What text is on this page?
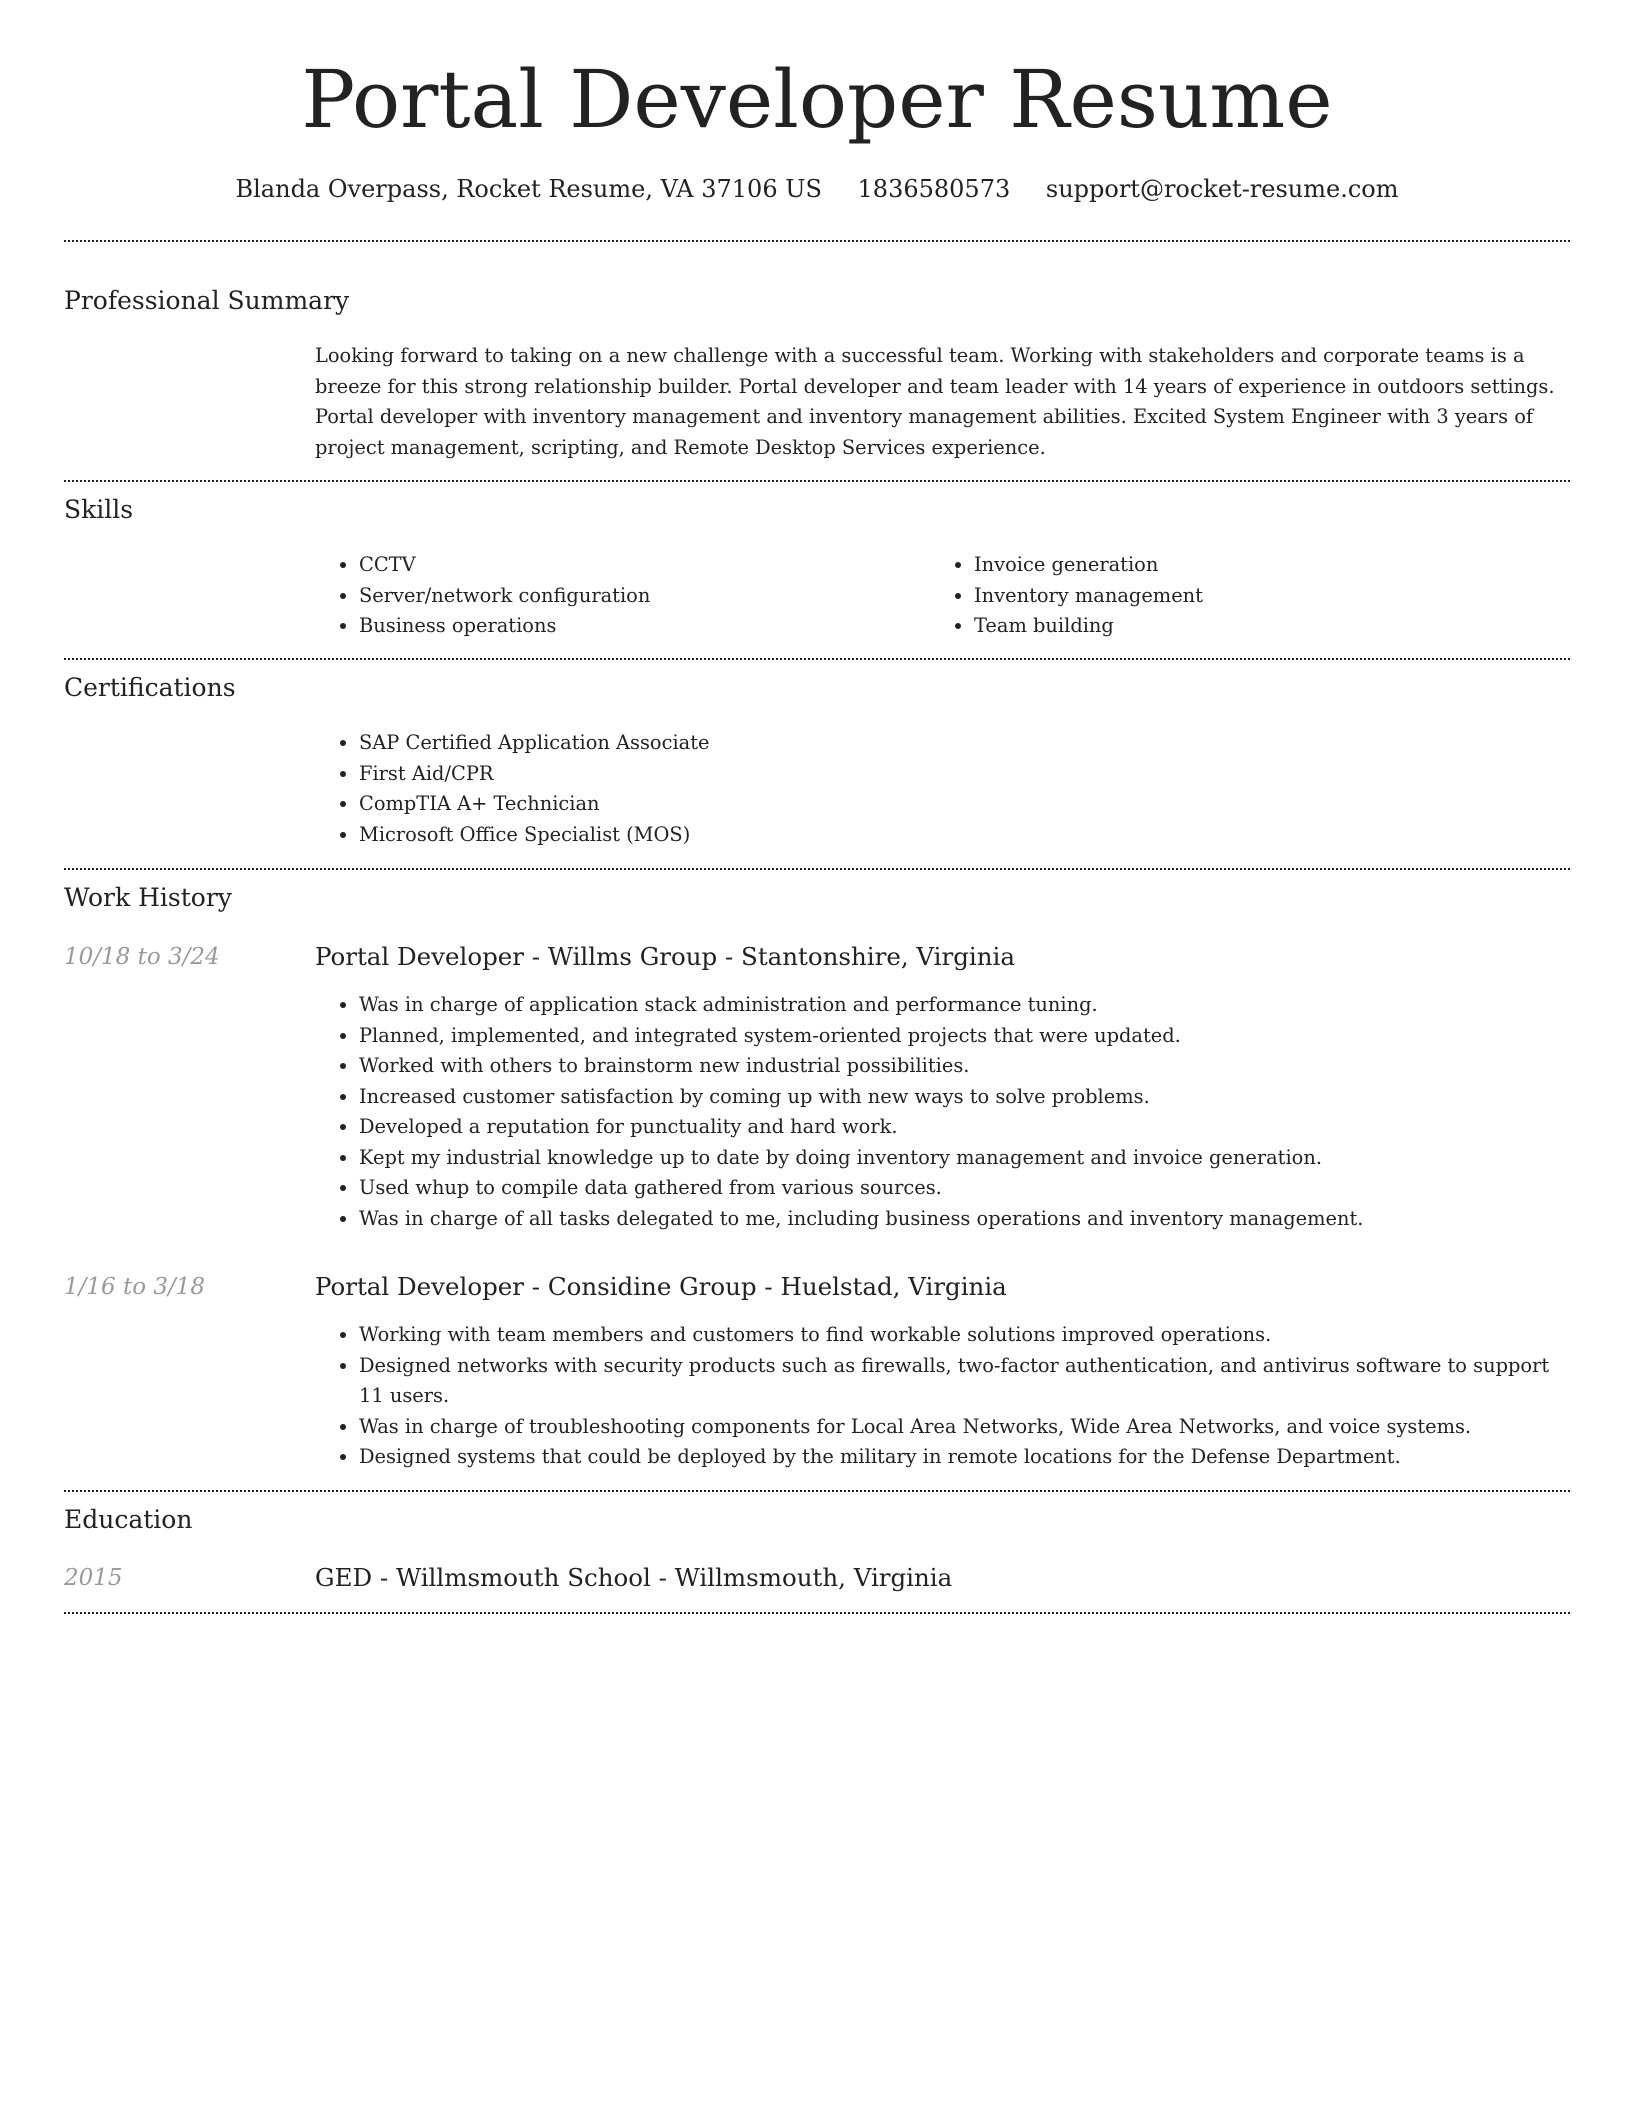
Portal Developer Resume
Blanda Overpass, Rocket Resume, VA 37106 US 1836580573 support@rocket-resume.com
Professional Summary

Looking forward to taking on a new challenge with a successful team. Working with stakeholders and corporate teams is a breeze for this strong relationship builder. Portal developer and team leader with 14 years of experience in outdoors settings. Portal developer with inventory management and inventory management abilities. Excited System Engineer with 3 years of project management, scripting, and Remote Desktop Services experience.

Skills
• CCTV
• Server/network configuration
• Business operations
• Invoice generation
• Inventory management
• Team building
Certifications
• SAP Certified Application Associate
• First Aid/CPR
• CompTIA A+ Technician
• Microsoft Office Specialist (MOS)
Work History
10/18 to 3/24	Portal Developer - Willms Group - Stantonshire, Virginia
• Was in charge of application stack administration and performance tuning.
• Planned, implemented, and integrated system-oriented projects that were updated.
• Worked with others to brainstorm new industrial possibilities.
• Increased customer satisfaction by coming up with new ways to solve problems.
• Developed a reputation for punctuality and hard work.
• Kept my industrial knowledge up to date by doing inventory management and invoice generation.
• Used whup to compile data gathered from various sources.
• Was in charge of all tasks delegated to me, including business operations and inventory management.
1/16 to 3/18	Portal Developer - Considine Group - Huelstad, Virginia
• Working with team members and customers to find workable solutions improved operations.
• Designed networks with security products such as firewalls, two-factor authentication, and antivirus software to support 11 users.
• Was in charge of troubleshooting components for Local Area Networks, Wide Area Networks, and voice systems.
• Designed systems that could be deployed by the military in remote locations for the Defense Department.
Education
2015	GED - Willmsmouth School - Willmsmouth, Virginia
